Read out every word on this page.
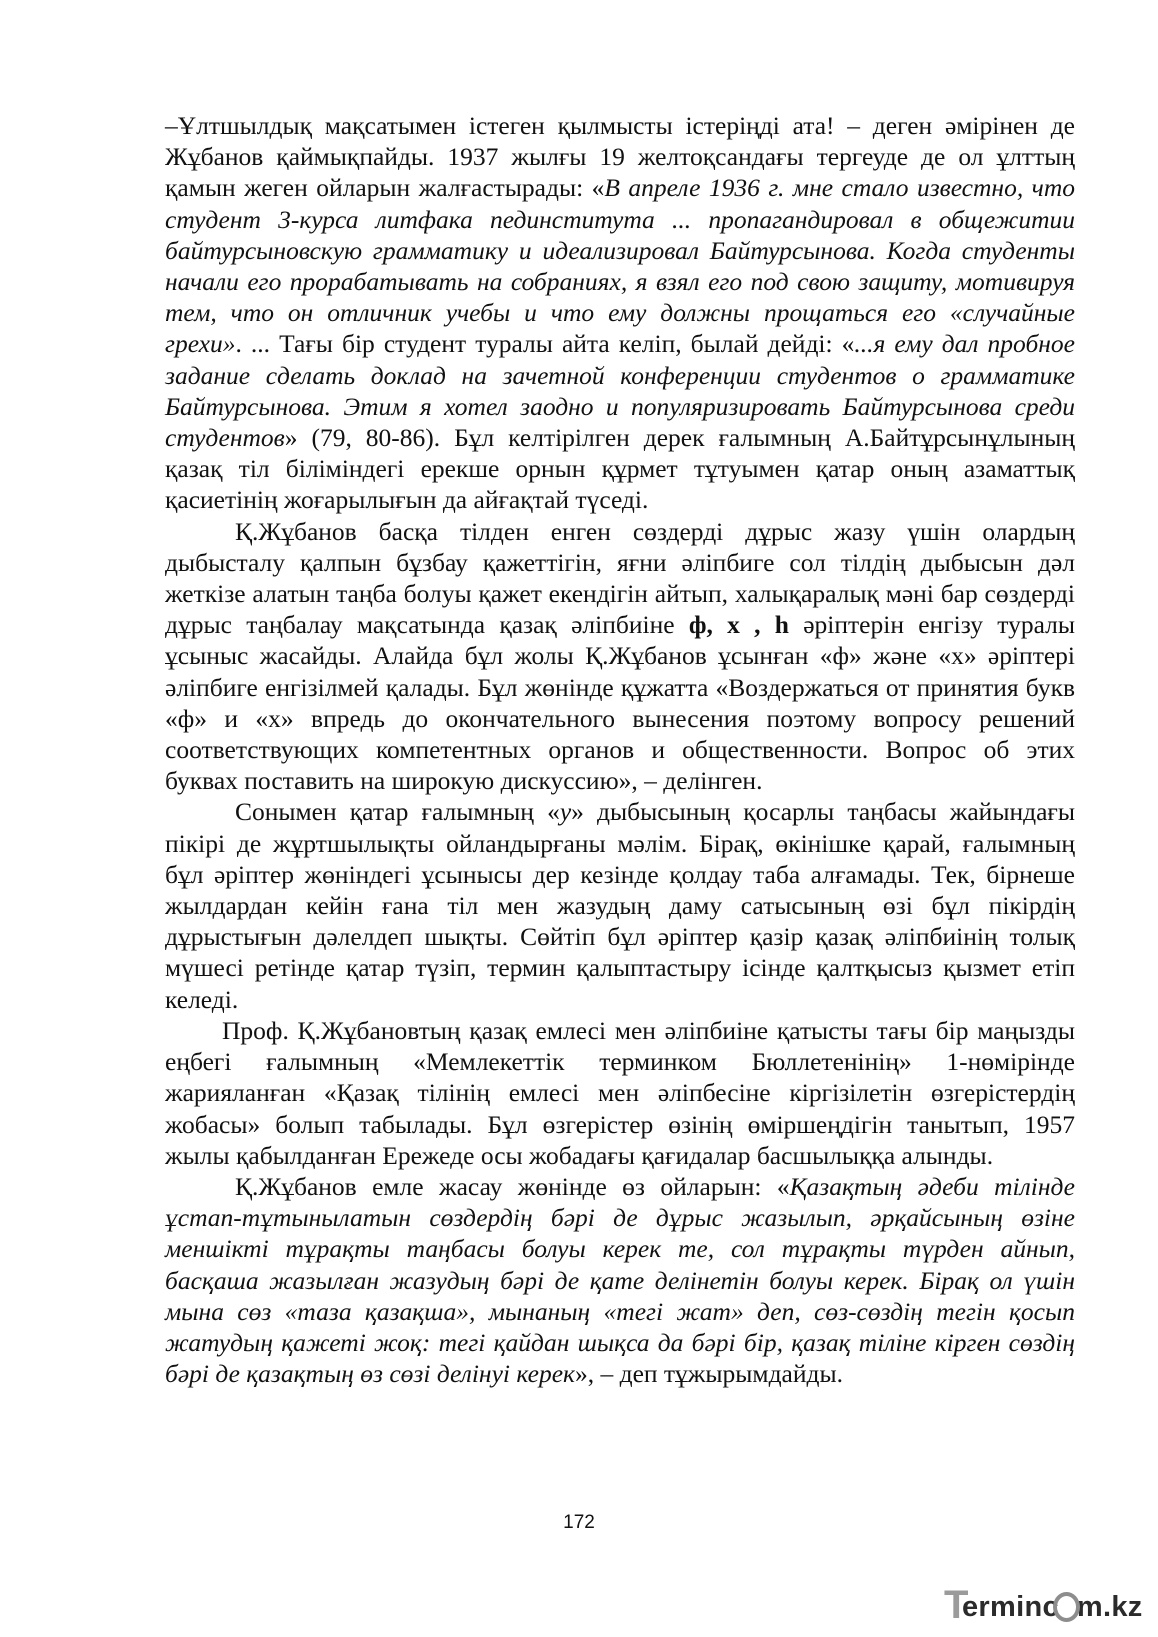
–Ұлтшылдық мақсатымен істеген қылмысты істеріңді ата! – деген әмірінен де Жұбанов қаймықпайды. 1937 жылғы 19 желтоқсандағы тергеуде де ол ұлттың қамын жеген ойларын жалғастырады: «В апреле 1936 г. мне стало известно, что студент 3-курса литфака пединститута ... пропагандировал в общежитии байтурсыновскую грамматику и идеализировал Байтурсынова. Когда студенты начали его прорабатывать на собраниях, я взял его под свою защиту, мотивируя тем, что он отличник учебы и что ему должны прощаться его «случайные грехи». ... Тағы бір студент туралы айта келіп, былай дейді: «...я ему дал пробное задание сделать доклад на зачетной конференции студентов о грамматике Байтурсынова. Этим я хотел заодно и популяризировать Байтурсынова среди студентов» (79, 80-86). Бұл келтірілген дерек ғалымның А.Байтұрсынұлының қазақ тіл біліміндегі ерекше орнын құрмет тұтуымен қатар оның азаматтық қасиетінің жоғарылығын да айғақтай түседі.

Қ.Жұбанов басқа тілден енген сөздерді дұрыс жазу үшін олардың дыбысталу қалпын бұзбау қажеттігін, яғни әліпбиге сол тілдің дыбысын дәл жеткізе алатын таңба болуы қажет екендігін айтып, халықаралық мәні бар сөздерді дұрыс таңбалау мақсатында қазақ әліпбиіне ф, х , h әріптерін енгізу туралы ұсыныс жасайды. Алайда бұл жолы Қ.Жұбанов ұсынған «ф» және «х» әріптері әліпбиге енгізілмей қалады. Бұл жөнінде құжатта «Воздержаться от принятия букв «ф» и «х» впредь до окончательного вынесения поэтому вопросу решений соответствующих компетентных органов и общественности. Вопрос об этих буквах поставить на широкую дискуссию», – делінген.

Сонымен қатар ғалымның «у» дыбысының қосарлы таңбасы жайындағы пікірі де жұртшылықты ойландырғаны мәлім. Бірақ, өкінішке қарай, ғалымның бұл әріптер жөніндегі ұсынысы дер кезінде қолдау таба алғамады. Тек, бірнеше жылдардан кейін ғана тіл мен жазудың даму сатысының өзі бұл пікірдің дұрыстығын дәлелдеп шықты. Сөйтіп бұл әріптер қазір қазақ әліпбиінің толық мүшесі ретінде қатар түзіп, термин қалыптастыру ісінде қалтқысыз қызмет етіп келеді.

Проф. Қ.Жұбановтың қазақ емлесі мен әліпбиіне қатысты тағы бір маңызды еңбегі ғалымның «Мемлекеттік терминком Бюллетенінің» 1-нөмірінде жарияланған «Қазақ тілінің емлесі мен әліпбесіне кіргізілетін өзгерістердің жобасы» болып табылады. Бұл өзгерістер өзінің өміршеңдігін танытып, 1957 жылы қабылданған Ережеде осы жобадағы қағидалар басшылыққа алынды.

Қ.Жұбанов емле жасау жөнінде өз ойларын: «Қазақтың әдеби тілінде ұстап-тұтынылатын сөздердің бәрі де дұрыс жазылып, әрқайсының өзіне меншікті тұрақты таңбасы болуы керек те, сол тұрақты түрден айнып, басқаша жазылған жазудың бәрі де қате делінетін болуы керек. Бірақ ол үшін мына сөз «таза қазақша», мынаның «тегі жат» деп, сөз-сөздің тегін қосып жатудың қажеті жоқ: тегі қайдан шықса да бәрі бір, қазақ тіліне кірген сөздің бәрі де қазақтың өз сөзі делінуі керек», – деп тұжырымдайды.

172
T
erminc m.kz
